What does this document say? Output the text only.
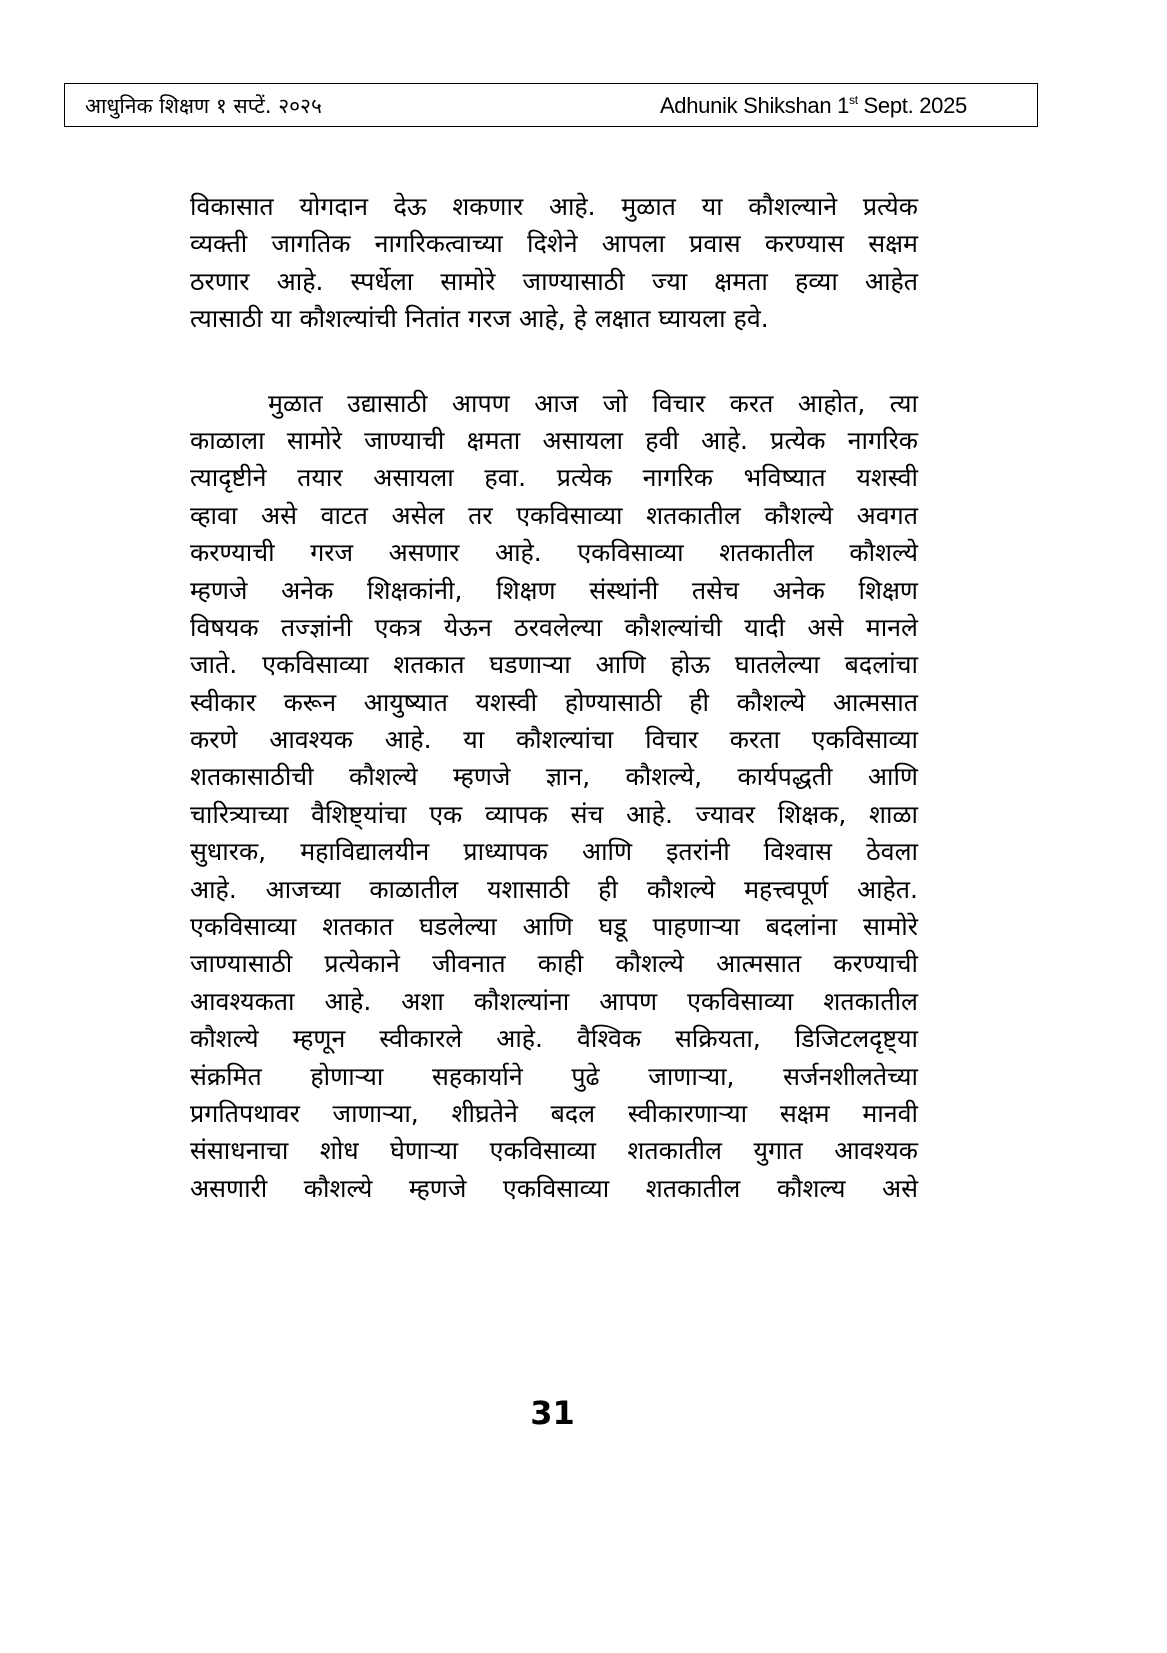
आधुनिक शिक्षण १ सप्टें. २०२५	Adhunik Shikshan 1st Sept. 2025
विकासात योगदान देऊ शकणार आहे. मुळात या कौशल्याने प्रत्येक
व्यक्ती जागतिक नागरिकत्वाच्या दिशेने आपला प्रवास करण्यास सक्षम
ठरणार आहे. स्पर्धेला सामोरे जाण्यासाठी ज्या क्षमता हव्या आहेत
त्यासाठी या कौशल्यांची नितांत गरज आहे, हे लक्षात घ्यायला हवे.
मुळात उद्यासाठी आपण आज जो विचार करत आहोत, त्या
काळाला सामोरे जाण्याची क्षमता असायला हवी आहे. प्रत्येक नागरिक
त्यादृष्टीने तयार असायला हवा. प्रत्येक नागरिक भविष्यात यशस्वी
व्हावा असे वाटत असेल तर एकविसाव्या शतकातील कौशल्ये अवगत
करण्याची गरज असणार आहे. एकविसाव्या शतकातील कौशल्ये
म्हणजे अनेक शिक्षकांनी, शिक्षण संस्थांनी तसेच अनेक शिक्षण
विषयक तज्ज्ञांनी एकत्र येऊन ठरवलेल्या कौशल्यांची यादी असे मानले
जाते. एकविसाव्या शतकात घडणाऱ्या आणि होऊ घातलेल्या बदलांचा
स्वीकार करून आयुष्यात यशस्वी होण्यासाठी ही कौशल्ये आत्मसात
करणे आवश्यक आहे. या कौशल्यांचा विचार करता एकविसाव्या
शतकासाठीची कौशल्ये म्हणजे ज्ञान, कौशल्ये, कार्यपद्धती आणि
चारित्र्याच्या वैशिष्ट्यांचा एक व्यापक संच आहे. ज्यावर शिक्षक, शाळा
सुधारक, महाविद्यालयीन प्राध्यापक आणि इतरांनी विश्वास ठेवला
आहे. आजच्या काळातील यशासाठी ही कौशल्ये महत्त्वपूर्ण आहेत.
एकविसाव्या शतकात घडलेल्या आणि घडू पाहणाऱ्या बदलांना सामोरे
जाण्यासाठी प्रत्येकाने जीवनात काही कौशल्ये आत्मसात करण्याची
आवश्यकता आहे. अशा कौशल्यांना आपण एकविसाव्या शतकातील
कौशल्ये म्हणून स्वीकारले आहे. वैश्विक सक्रियता, डिजिटलदृष्ट्या
संक्रमित होणाऱ्या सहकार्याने पुढे जाणाऱ्या, सर्जनशीलतेच्या
प्रगतिपथावर जाणाऱ्या, शीघ्रतेने बदल स्वीकारणाऱ्या सक्षम मानवी
संसाधनाचा शोध घेणाऱ्या एकविसाव्या शतकातील युगात आवश्यक
असणारी कौशल्ये म्हणजे एकविसाव्या शतकातील कौशल्य असे
31
